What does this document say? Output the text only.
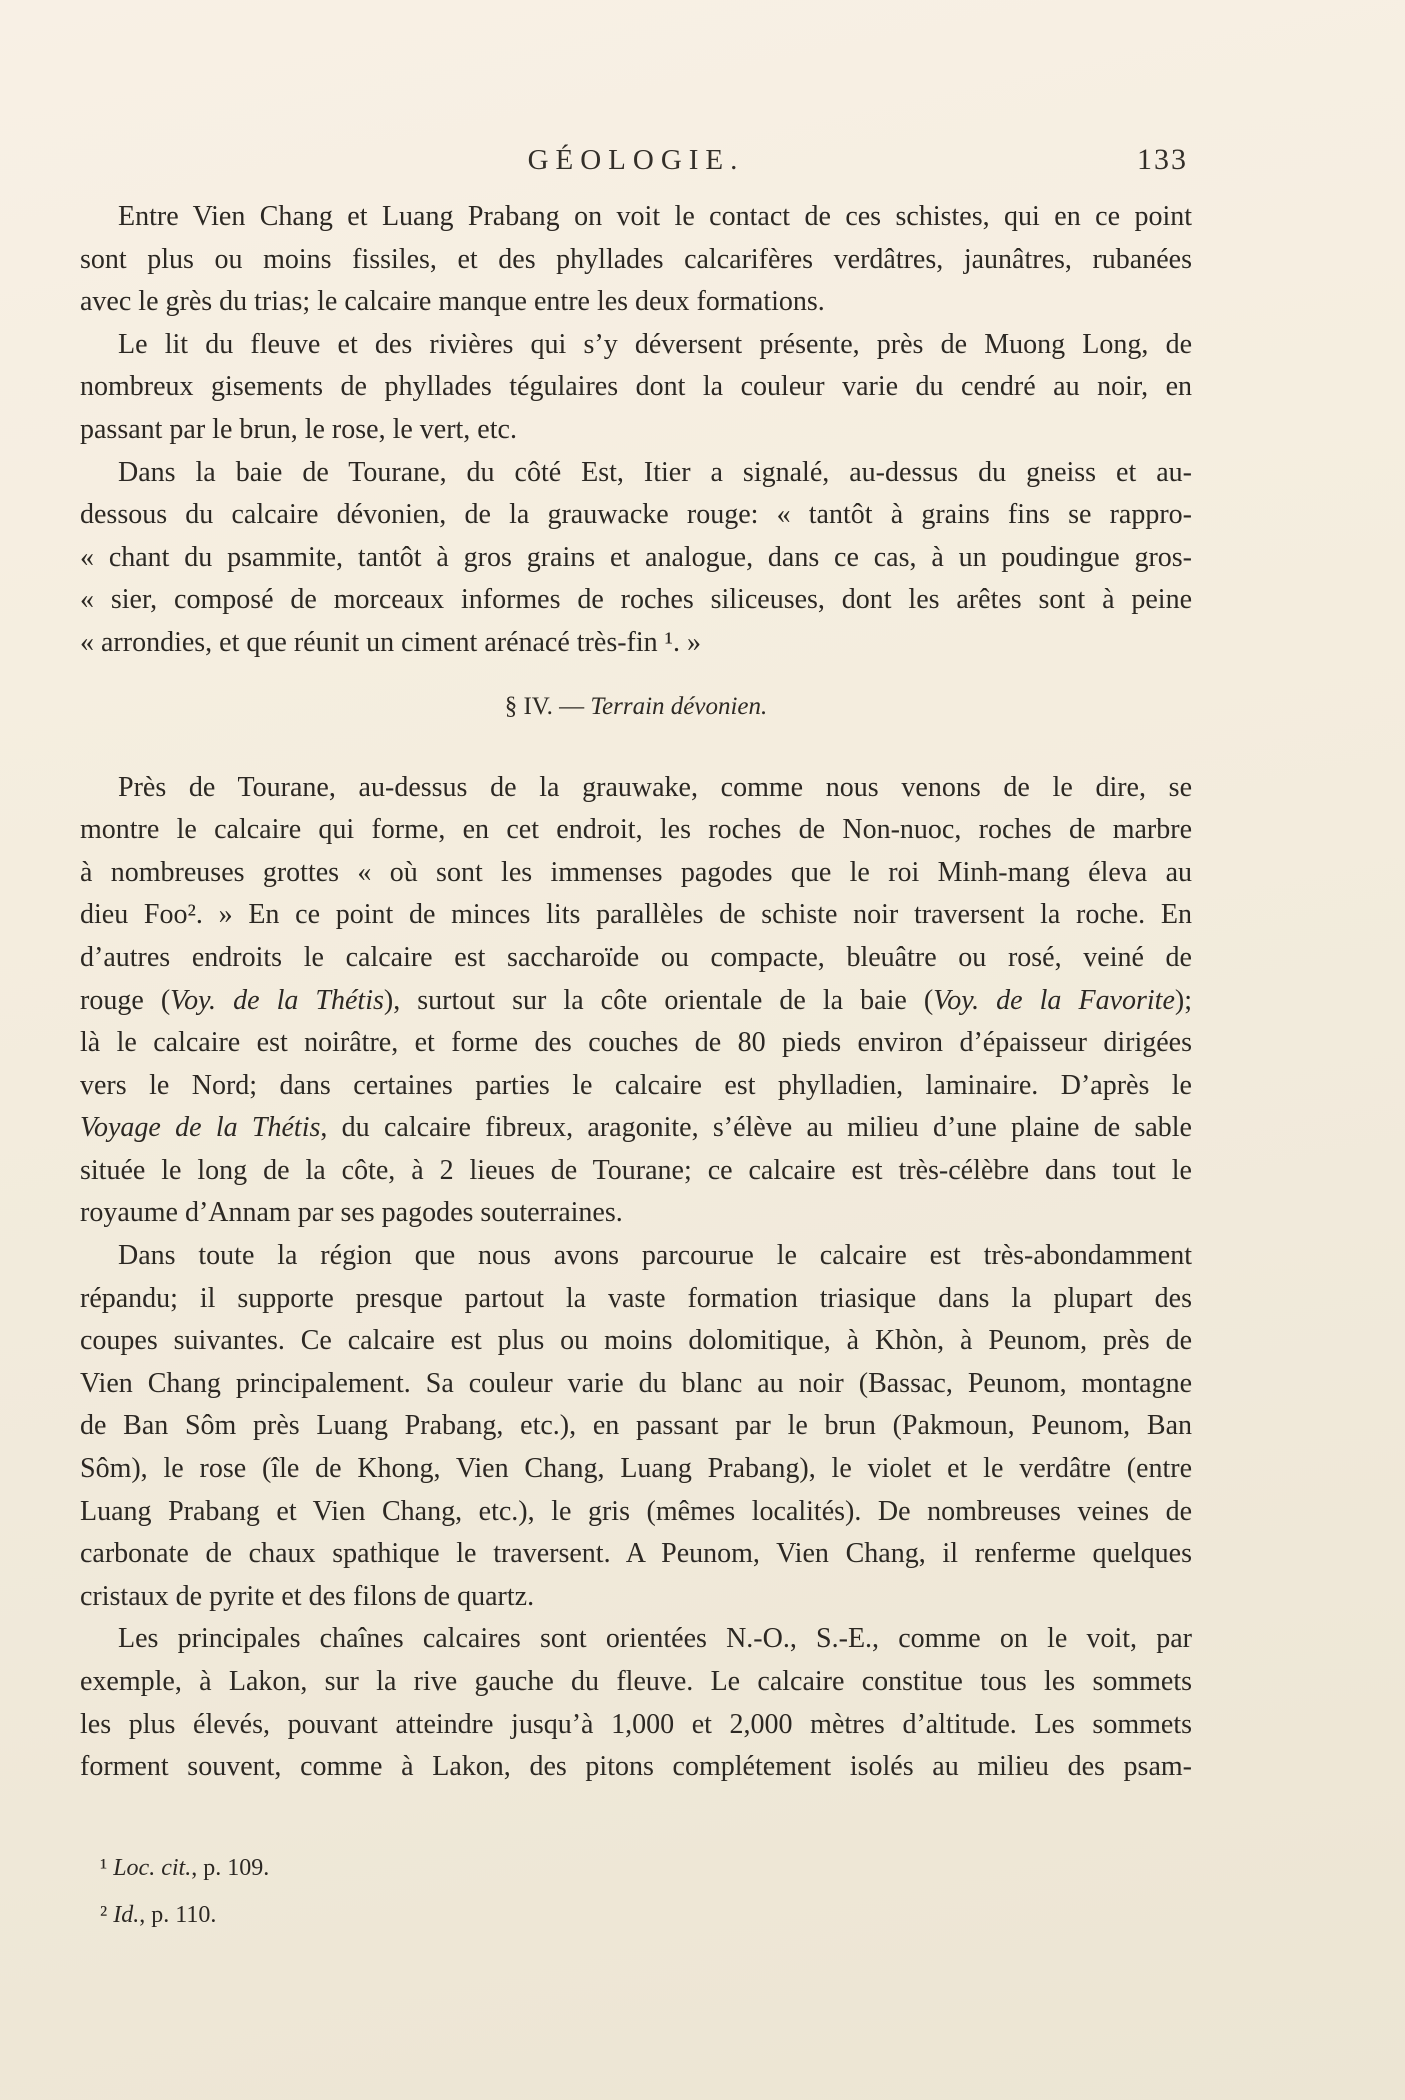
GÉOLOGIE.	133
Entre Vien Chang et Luang Prabang on voit le contact de ces schistes, qui en ce point
sont plus ou moins fissiles, et des phyllades calcarifères verdâtres, jaunâtres, rubanées
avec le grès du trias; le calcaire manque entre les deux formations.
Le lit du fleuve et des rivières qui s’y déversent présente, près de Muong Long, de
nombreux gisements de phyllades tégulaires dont la couleur varie du cendré au noir, en
passant par le brun, le rose, le vert, etc.
Dans la baie de Tourane, du côté Est, Itier a signalé, au-dessus du gneiss et au-
dessous du calcaire dévonien, de la grauwacke rouge: « tantôt à grains fins se rappro-
« chant du psammite, tantôt à gros grains et analogue, dans ce cas, à un poudingue gros-
« sier, composé de morceaux informes de roches siliceuses, dont les arêtes sont à peine
« arrondies, et que réunit un ciment arénacé très-fin ¹. »
§ IV. — Terrain dévonien.
Près de Tourane, au-dessus de la grauwake, comme nous venons de le dire, se
montre le calcaire qui forme, en cet endroit, les roches de Non-nuoc, roches de marbre
à nombreuses grottes « où sont les immenses pagodes que le roi Minh-mang éleva au
dieu Foo². » En ce point de minces lits parallèles de schiste noir traversent la roche. En
d’autres endroits le calcaire est saccharoïde ou compacte, bleuâtre ou rosé, veiné de
rouge (Voy. de la Thétis), surtout sur la côte orientale de la baie (Voy. de la Favorite);
là le calcaire est noirâtre, et forme des couches de 80 pieds environ d’épaisseur dirigées
vers le Nord; dans certaines parties le calcaire est phylladien, laminaire. D’après le
Voyage de la Thétis, du calcaire fibreux, aragonite, s’élève au milieu d’une plaine de sable
située le long de la côte, à 2 lieues de Tourane; ce calcaire est très-célèbre dans tout le
royaume d’Annam par ses pagodes souterraines.
Dans toute la région que nous avons parcourue le calcaire est très-abondamment
répandu; il supporte presque partout la vaste formation triasique dans la plupart des
coupes suivantes. Ce calcaire est plus ou moins dolomitique, à Khòn, à Peunom, près de
Vien Chang principalement. Sa couleur varie du blanc au noir (Bassac, Peunom, montagne
de Ban Sôm près Luang Prabang, etc.), en passant par le brun (Pakmoun, Peunom, Ban
Sôm), le rose (île de Khong, Vien Chang, Luang Prabang), le violet et le verdâtre (entre
Luang Prabang et Vien Chang, etc.), le gris (mêmes localités). De nombreuses veines de
carbonate de chaux spathique le traversent. A Peunom, Vien Chang, il renferme quelques
cristaux de pyrite et des filons de quartz.
Les principales chaînes calcaires sont orientées N.-O., S.-E., comme on le voit, par
exemple, à Lakon, sur la rive gauche du fleuve. Le calcaire constitue tous les sommets
les plus élevés, pouvant atteindre jusqu’à 1,000 et 2,000 mètres d’altitude. Les sommets
forment souvent, comme à Lakon, des pitons complétement isolés au milieu des psam-
¹ Loc. cit., p. 109.
² Id., p. 110.
